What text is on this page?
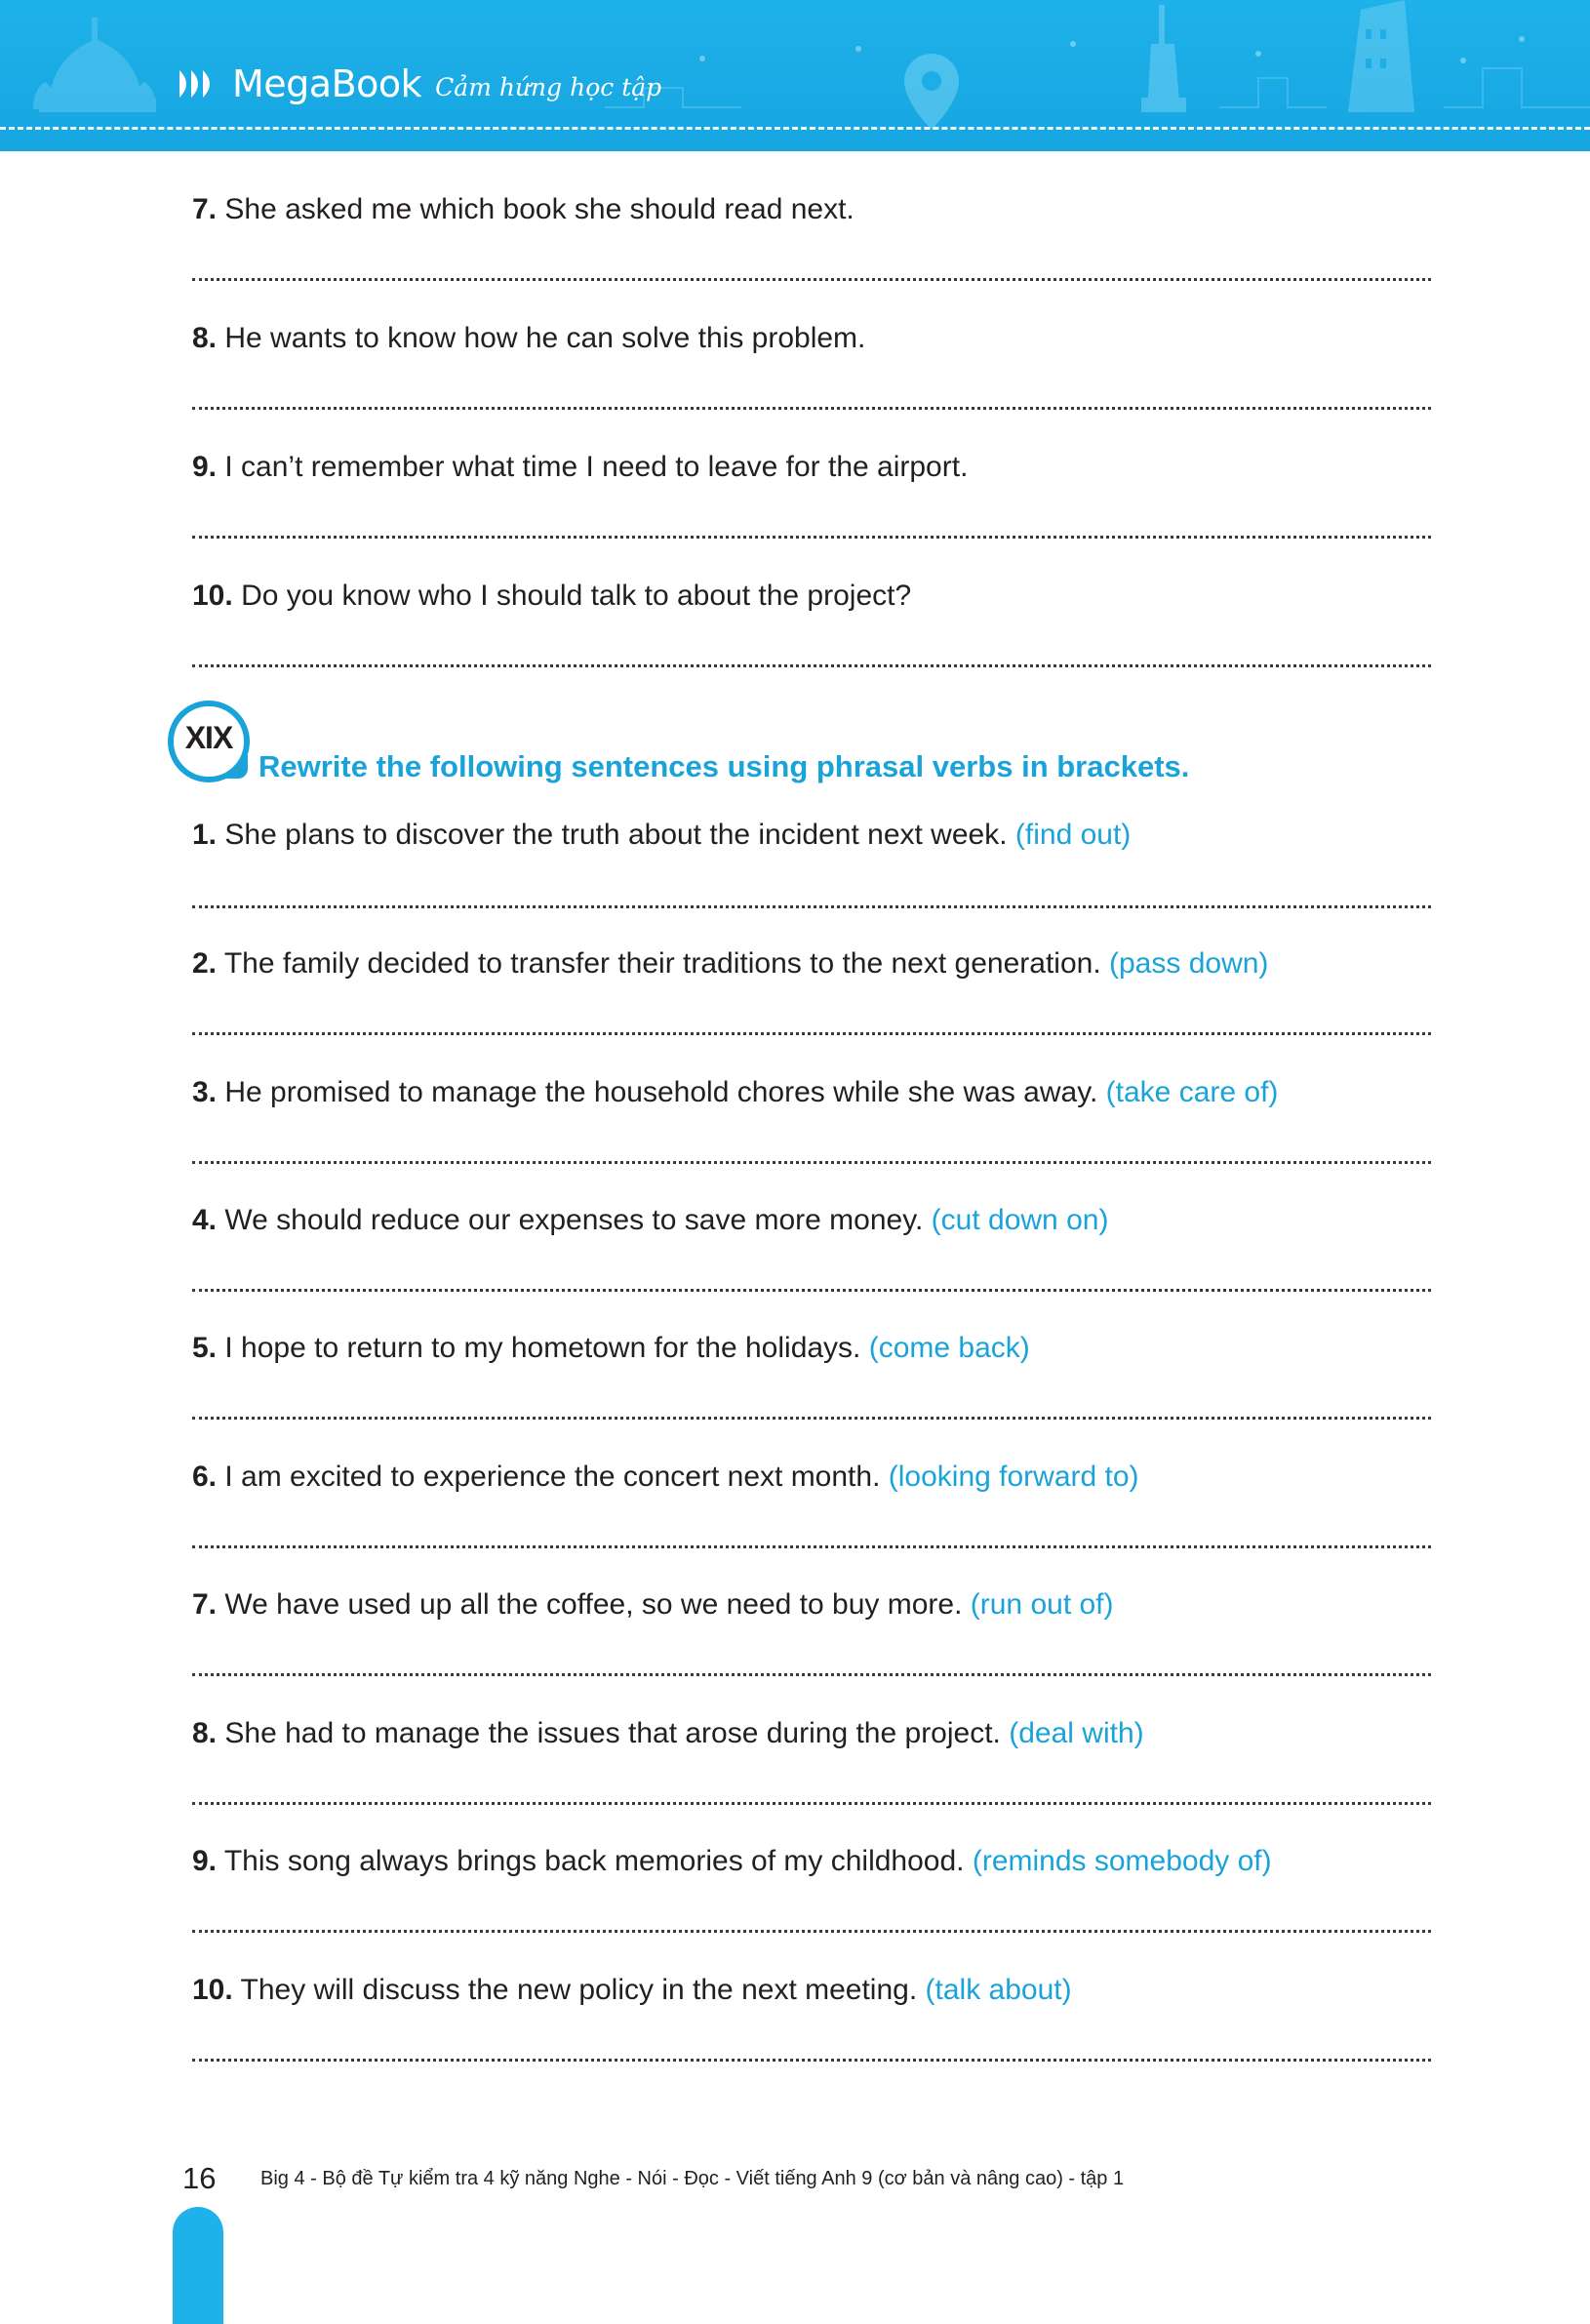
MegaBook Cảm hứng học tập
7. She asked me which book she should read next.
8. He wants to know how he can solve this problem.
9. I can’t remember what time I need to leave for the airport.
10. Do you know who I should talk to about the project?
XIX
Rewrite the following sentences using phrasal verbs in brackets.
1. She plans to discover the truth about the incident next week. (find out)
2. The family decided to transfer their traditions to the next generation. (pass down)
3. He promised to manage the household chores while she was away. (take care of)
4. We should reduce our expenses to save more money. (cut down on)
5. I hope to return to my hometown for the holidays. (come back)
6. I am excited to experience the concert next month. (looking forward to)
7. We have used up all the coffee, so we need to buy more. (run out of)
8. She had to manage the issues that arose during the project. (deal with)
9. This song always brings back memories of my childhood. (reminds somebody of)
10. They will discuss the new policy in the next meeting. (talk about)
16 Big 4 - Bộ đề Tự kiểm tra 4 kỹ năng Nghe - Nói - Đọc - Viết tiếng Anh 9 (cơ bản và nâng cao) - tập 1
